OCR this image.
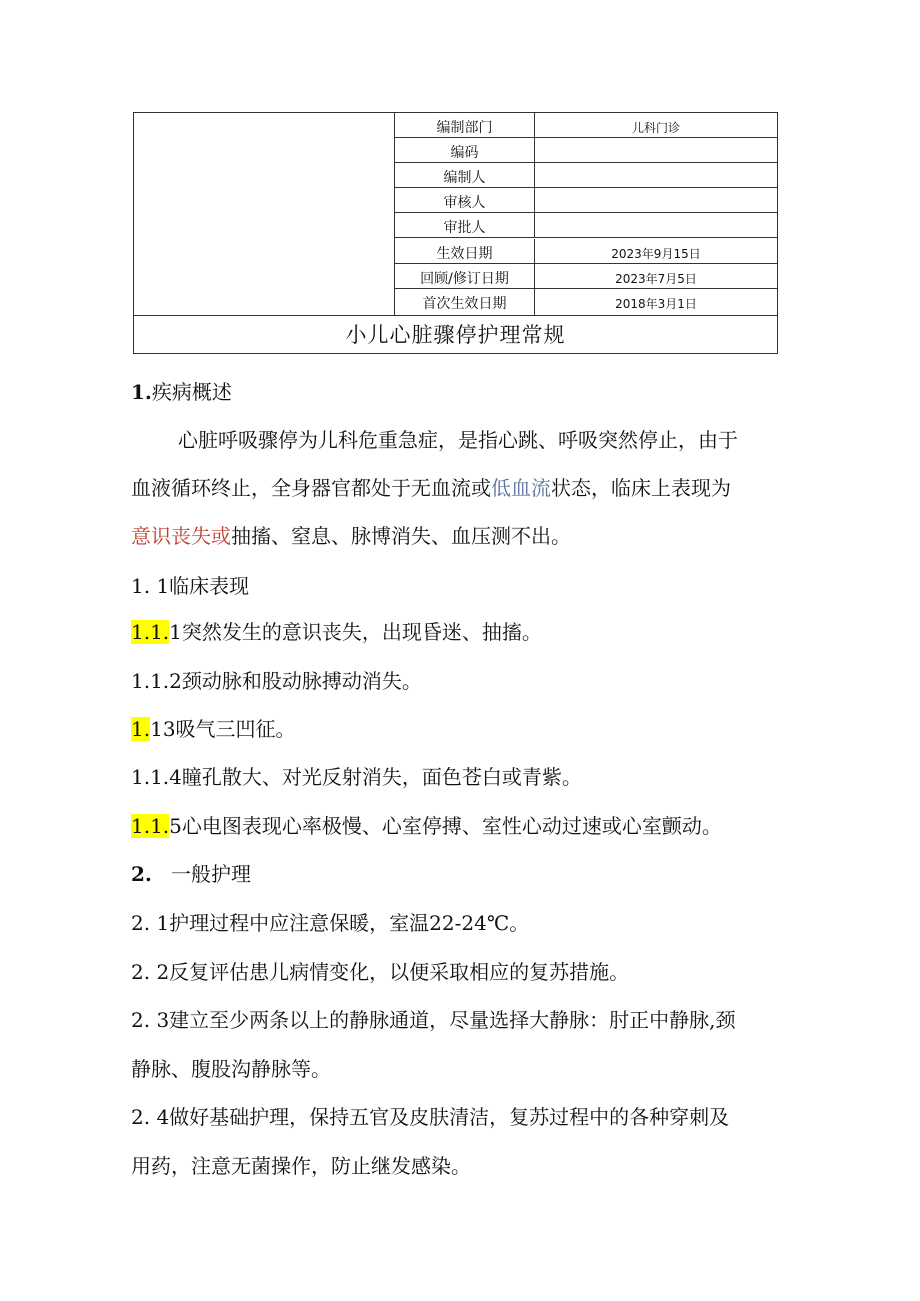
编制部门	儿科门诊
编码
编制人
审核人
审批人
生效日期	2023年9月15日
回顾/修订日期	2023年7月5日
首次生效日期	2018年3月1日
小儿心脏骤停护理常规
1.疾病概述
心脏呼吸骤停为儿科危重急症，是指心跳、呼吸突然停止，由于
血液循环终止，全身器官都处于无血流或低血流状态，临床上表现为
意识丧失或抽搐、窒息、脉博消失、血压测不出。
1. 1临床表现
1.1.1突然发生的意识丧失，出现昏迷、抽搐。
1.1.2颈动脉和股动脉搏动消失。
1.13吸气三凹征。
1.1.4瞳孔散大、对光反射消失，面色苍白或青紫。
1.1.5心电图表现心率极慢、心室停搏、室性心动过速或心室颤动。
2. 一般护理
2. 1护理过程中应注意保暖，室温22-24℃。
2. 2反复评估患儿病情变化，以便采取相应的复苏措施。
2. 3建立至少两条以上的静脉通道，尽量选择大静脉：肘正中静脉,颈
静脉、腹股沟静脉等。
2. 4做好基础护理，保持五官及皮肤清洁，复苏过程中的各种穿刺及
用药，注意无菌操作，防止继发感染。
